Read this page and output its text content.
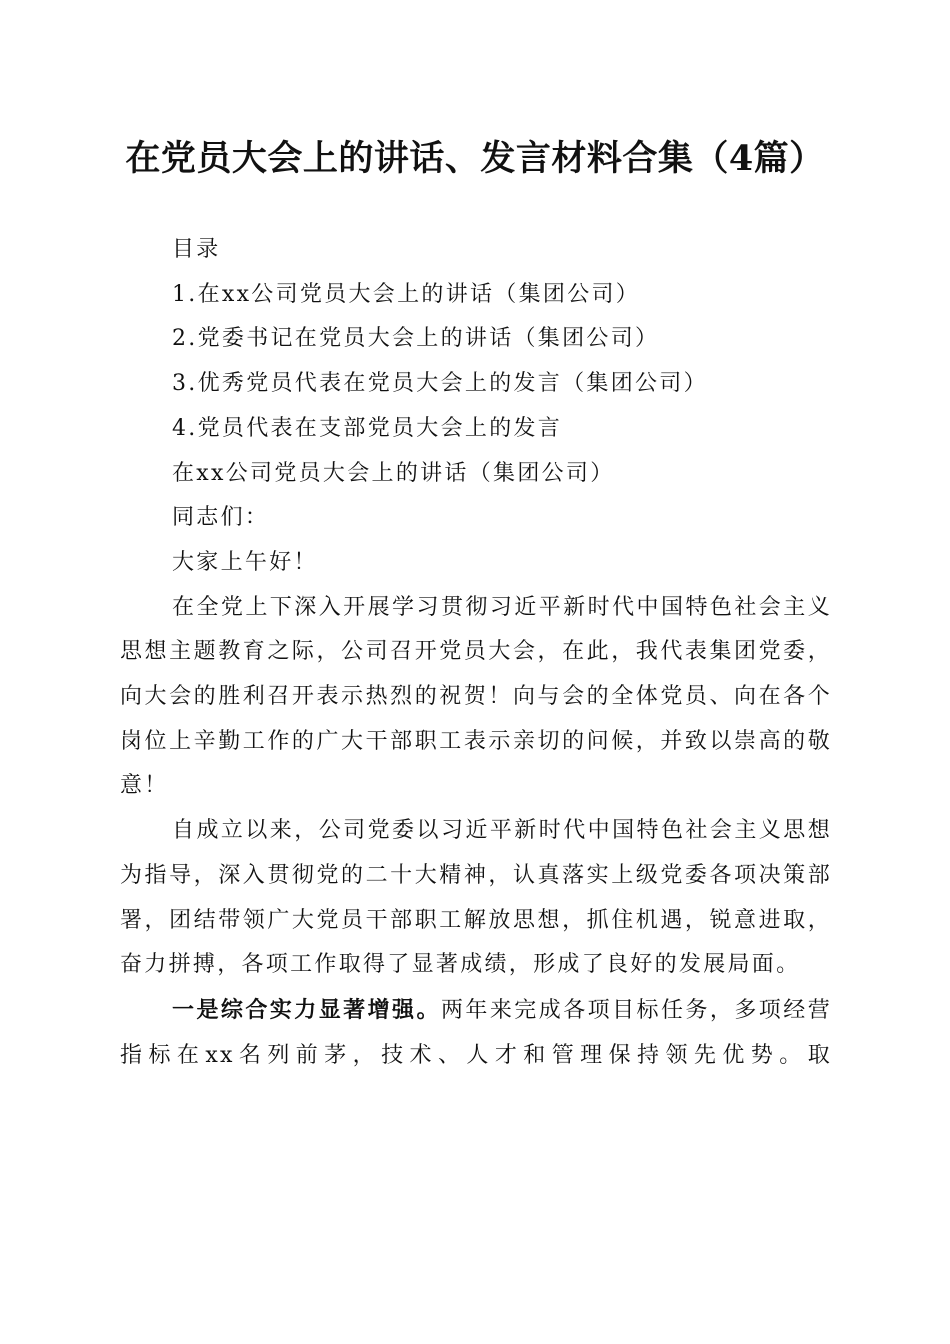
在党员大会上的讲话、发言材料合集（4篇）
目录
1.在xx公司党员大会上的讲话（集团公司）
2.党委书记在党员大会上的讲话（集团公司）
3.优秀党员代表在党员大会上的发言（集团公司）
4.党员代表在支部党员大会上的发言
在xx公司党员大会上的讲话（集团公司）
同志们：
大家上午好！

在全党上下深入开展学习贯彻习近平新时代中国特色社会主义思想主题教育之际，公司召开党员大会，在此，我代表集团党委，向大会的胜利召开表示热烈的祝贺！向与会的全体党员、向在各个岗位上辛勤工作的广大干部职工表示亲切的问候，并致以崇高的敬意！

自成立以来，公司党委以习近平新时代中国特色社会主义思想为指导，深入贯彻党的二十大精神，认真落实上级党委各项决策部署，团结带领广大党员干部职工解放思想，抓住机遇，锐意进取，奋力拼搏，各项工作取得了显著成绩，形成了良好的发展局面。

一是综合实力显著增强。两年来完成各项目标任务，多项经营指标在xx名列前茅，技术、人才和管理保持领先优势。取
